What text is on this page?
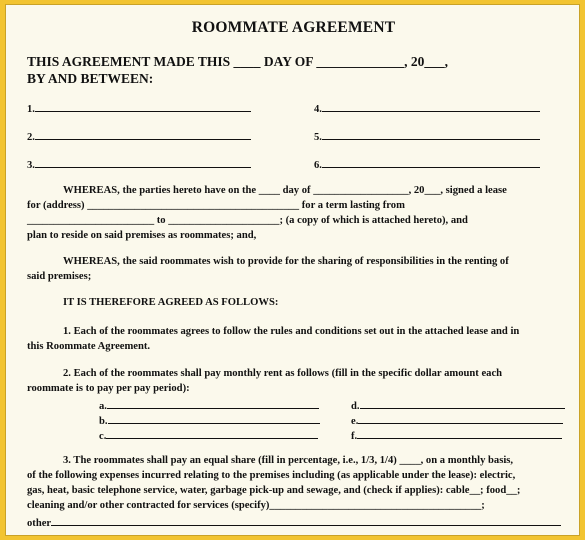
ROOMMATE AGREEMENT
THIS AGREEMENT MADE THIS ____ DAY OF _____________, 20___,
BY AND BETWEEN:
1.
2.
3.
4.
5.
6.
WHEREAS, the parties hereto have on the ____ day of __________________, 20___, signed a lease
for (address) ________________________________________ for a term lasting from
________________________ to _____________________; (a copy of which is attached hereto), and
plan to reside on said premises as roommates; and,
WHEREAS, the said roommates wish to provide for the sharing of responsibilities in the renting of
said premises;
IT IS THEREFORE AGREED AS FOLLOWS:
1. Each of the roommates agrees to follow the rules and conditions set out in the attached lease and in
this Roommate Agreement.
2. Each of the roommates shall pay monthly rent as follows (fill in the specific dollar amount each
roommate is to pay per pay period):
a.
b.
c.
d.
e.
f.
3. The roommates shall pay an equal share (fill in percentage, i.e., 1/3, 1/4) ____, on a monthly basis,
of the following expenses incurred relating to the premises including (as applicable under the lease): electric,
gas, heat, basic telephone service, water, garbage pick-up and sewage, and (check if applies): cable__; food__;
cleaning and/or other contracted for services (specify)________________________________________;
other
